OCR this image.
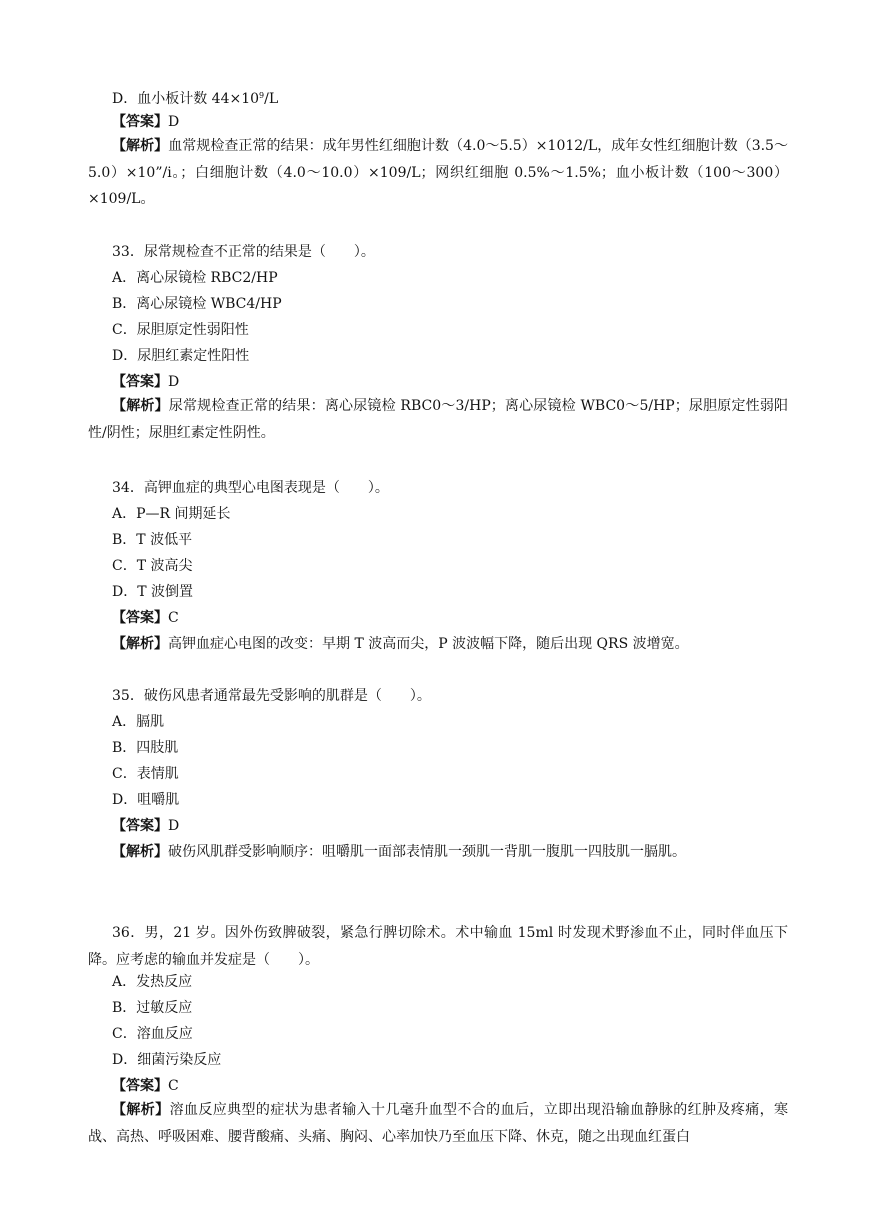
D．血小板计数 $44\times 10^9/L$
【答案】D
【解析】血常规检查正常的结果：成年男性红细胞计数（4.0～5.5）×1012/L，成年女性红细胞计数（3.5～5.0）×10”/i。；白细胞计数（4.0～10.0）×109/L；网织红细胞 0.5%～1.5%；血小板计数（100～300）×109/L。
33．尿常规检查不正常的结果是（　　）。
A．离心尿镜检 RBC2/HP
B．离心尿镜检 WBC4/HP
C．尿胆原定性弱阳性
D．尿胆红素定性阳性
【答案】D
【解析】尿常规检查正常的结果：离心尿镜检 RBC0～3/HP；离心尿镜检 WBC0～5/HP；尿胆原定性弱阳性/阴性；尿胆红素定性阴性。
34．高钾血症的典型心电图表现是（　　）。
A．P—R 间期延长
B．T 波低平
C．T 波高尖
D．T 波倒置
【答案】C
【解析】高钾血症心电图的改变：早期 T 波高而尖，P 波波幅下降，随后出现 QRS 波增宽。
35．破伤风患者通常最先受影响的肌群是（　　）。
A．膈肌
B．四肢肌
C．表情肌
D．咀嚼肌
【答案】D
【解析】破伤风肌群受影响顺序：咀嚼肌一面部表情肌一颈肌一背肌一腹肌一四肢肌一膈肌。
36．男，21 岁。因外伤致脾破裂，紧急行脾切除术。术中输血 15ml 时发现术野渗血不止，同时伴血压下降。应考虑的输血并发症是（　　）。
A．发热反应
B．过敏反应
C．溶血反应
D．细菌污染反应
【答案】C
【解析】溶血反应典型的症状为患者输入十几毫升血型不合的血后，立即出现沿输血静脉的红肿及疼痛，寒战、高热、呼吸困难、腰背酸痛、头痛、胸闷、心率加快乃至血压下降、休克，随之出现血红蛋白
